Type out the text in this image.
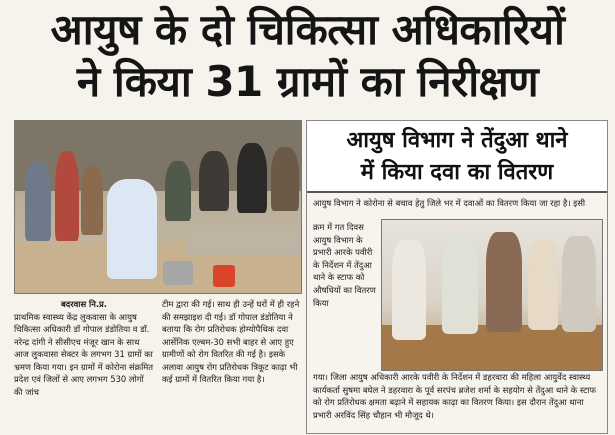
आयुष के दो चिकित्सा अधिकारियों
ने किया 31 ग्रामों का निरीक्षण
बदरवास नि.प्र.
प्राथमिक स्वास्थ्य केंद्र लुकवासा के आयुष चिकित्सा अधिकारी डॉ गोपाल डंडोतिया व डॉ. नरेन्द्र दांगी ने सीसीएच मंजूर खान के साथ आज लुकवासा सेक्टर के लगभग 31 ग्रामों का भ्रमण किया गया। इन ग्रामों में कोरोना संक्रमित प्रदेश एवं जिलों से आए लगभग 530 लोगों की जांच
टीम द्वारा की गई। साथ ही उन्हें घरों में ही रहने की समझाइश दी गई। डॉ गोपाल डंडोतिया ने बताया कि रोग प्रतिरोधक होम्योपैथिक दवा आर्सेनिक एल्बम-30 सभी बाहर से आए हुए ग्रामीणों को रोग वितरित की गई है। इसके अलावा आयुष रोग प्रतिरोधक त्रिकूट काढ़ा भी कई ग्रामों में वितरित किया गया है।
आयुष विभाग ने तेंदुआ थाने
में किया दवा का वितरण
आयुष विभाग ने कोरोना से बचाव हेतु जिले भर में दवाओं का वितरण किया जा रहा है। इसी
क्रम में गत दिवस आयुष विभाग के प्रभारी आरके पवीरी के निर्देशन में तेंदुआ थाने के स्टाफ को औषधियों का वितरण किया
गया। जिला आयुष अधिकारी आरके पवीरी के निर्देशन में डहरवारा की महिला आयुर्वेद स्वास्थ्य कार्यकर्ता सुषमा बघेल ने डहरवारा के पूर्व सरपंच ब्रजेश शर्मा के सहयोग से तेंदुआ थाने के स्टाफ को रोग प्रतिरोधक क्षमता बढ़ाने में सहायक काढ़ा का वितरण किया। इस दौरान तेंदुआ थाना प्रभारी अरविंद सिंह चौहान भी मौजूद थे।
